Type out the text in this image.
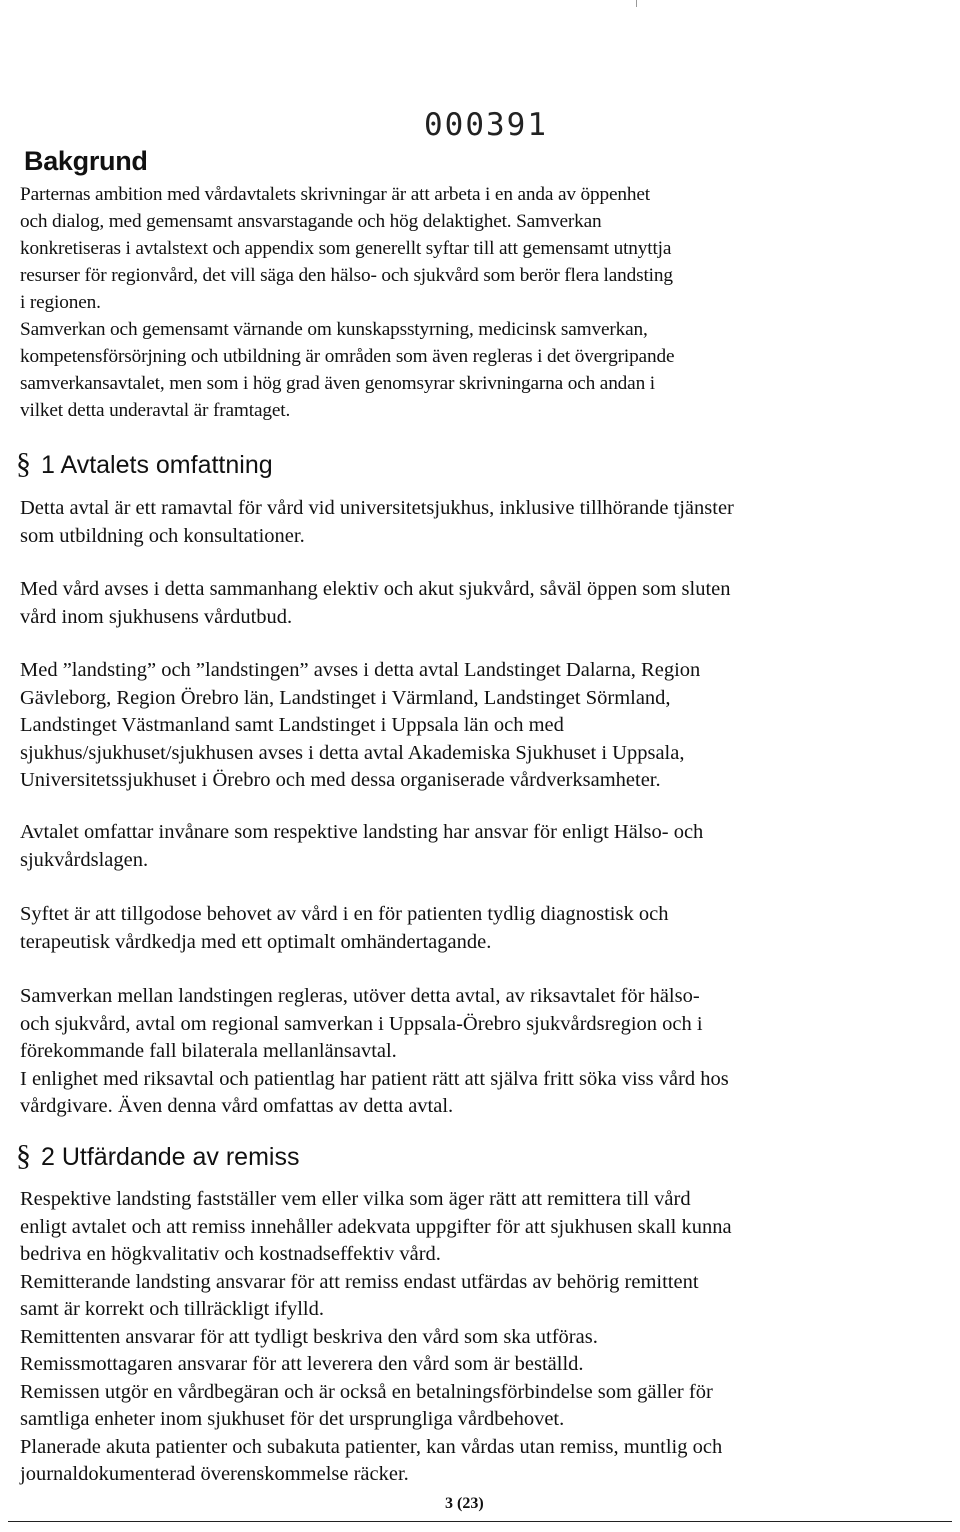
000391
Bakgrund
Parternas ambition med vårdavtalets skrivningar är att arbeta i en anda av öppenhet
och dialog, med gemensamt ansvarstagande och hög delaktighet. Samverkan
konkretiseras i avtalstext och appendix som generellt syftar till att gemensamt utnyttja
resurser för regionvård, det vill säga den hälso- och sjukvård som berör flera landsting
i regionen.
Samverkan och gemensamt värnande om kunskapsstyrning, medicinsk samverkan,
kompetensförsörjning och utbildning är områden som även regleras i det övergripande
samverkansavtalet, men som i hög grad även genomsyrar skrivningarna och andan i
vilket detta underavtal är framtaget.
§ 1 Avtalets omfattning
Detta avtal är ett ramavtal för vård vid universitetsjukhus, inklusive tillhörande tjänster
som utbildning och konsultationer.
Med vård avses i detta sammanhang elektiv och akut sjukvård, såväl öppen som sluten
vård inom sjukhusens vårdutbud.
Med ”landsting” och ”landstingen” avses i detta avtal Landstinget Dalarna, Region
Gävleborg, Region Örebro län, Landstinget i Värmland, Landstinget Sörmland,
Landstinget Västmanland samt Landstinget i Uppsala län och med
sjukhus/sjukhuset/sjukhusen avses i detta avtal Akademiska Sjukhuset i Uppsala,
Universitetssjukhuset i Örebro och med dessa organiserade vårdverksamheter.
Avtalet omfattar invånare som respektive landsting har ansvar för enligt Hälso- och
sjukvårdslagen.
Syftet är att tillgodose behovet av vård i en för patienten tydlig diagnostisk och
terapeutisk vårdkedja med ett optimalt omhändertagande.
Samverkan mellan landstingen regleras, utöver detta avtal, av riksavtalet för hälso-
och sjukvård, avtal om regional samverkan i Uppsala-Örebro sjukvårdsregion och i
förekommande fall bilaterala mellanlänsavtal.
I enlighet med riksavtal och patientlag har patient rätt att själva fritt söka viss vård hos
vårdgivare. Även denna vård omfattas av detta avtal.
§ 2 Utfärdande av remiss
Respektive landsting fastställer vem eller vilka som äger rätt att remittera till vård
enligt avtalet och att remiss innehåller adekvata uppgifter för att sjukhusen skall kunna
bedriva en högkvalitativ och kostnadseffektiv vård.
Remitterande landsting ansvarar för att remiss endast utfärdas av behörig remittent
samt är korrekt och tillräckligt ifylld.
Remittenten ansvarar för att tydligt beskriva den vård som ska utföras.
Remissmottagaren ansvarar för att leverera den vård som är beställd.
Remissen utgör en vårdbegäran och är också en betalningsförbindelse som gäller för
samtliga enheter inom sjukhuset för det ursprungliga vårdbehovet.
Planerade akuta patienter och subakuta patienter, kan vårdas utan remiss, muntlig och
journaldokumenterad överenskommelse räcker.
3 (23)
